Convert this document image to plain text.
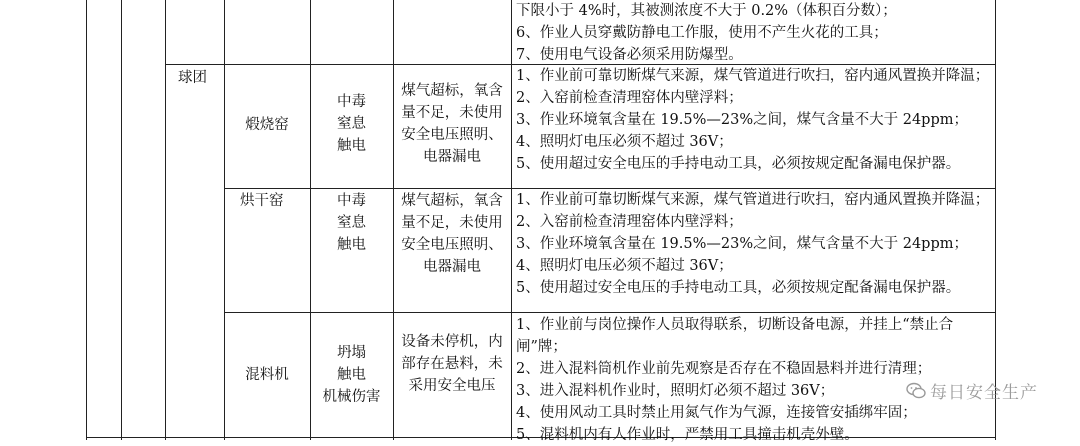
下限小于 4%时，其被测浓度不大于 0.2%（体积百分数）；
6、作业人员穿戴防静电工作服，使用不产生火花的工具；
7、使用电气设备必须采用防爆型。
球团
煅烧窑
中毒
窒息
触电
煤气超标，氧含
量不足，未使用
安全电压照明、
电器漏电
1、作业前可靠切断煤气来源，煤气管道进行吹扫，窑内通风置换并降温；
2、入窑前检查清理窑体内壁浮料；
3、作业环境氧含量在 19.5%—23%之间，煤气含量不大于 24ppm；
4、照明灯电压必须不超过 36V；
5、使用超过安全电压的手持电动工具，必须按规定配备漏电保护器。
烘干窑	中毒
窒息
触电
煤气超标，氧含
量不足，未使用
安全电压照明、
电器漏电
1、作业前可靠切断煤气来源，煤气管道进行吹扫，窑内通风置换并降温；
2、入窑前检查清理窑体内壁浮料；
3、作业环境氧含量在 19.5%—23%之间，煤气含量不大于 24ppm；
4、照明灯电压必须不超过 36V；
5、使用超过安全电压的手持电动工具，必须按规定配备漏电保护器。
混料机
坍塌
触电
机械伤害
设备未停机，内
部存在悬料，未
采用安全电压
1、作业前与岗位操作人员取得联系，切断设备电源，并挂上“禁止合闸”牌；
2、进入混料筒机作业前先观察是否存在不稳固悬料并进行清理；
3、进入混料机作业时，照明灯必须不超过 36V；
4、使用风动工具时禁止用氮气作为气源，连接管安插绑牢固；
5、混料机内有人作业时，严禁用工具撞击机壳外壁。
每日安全生产
